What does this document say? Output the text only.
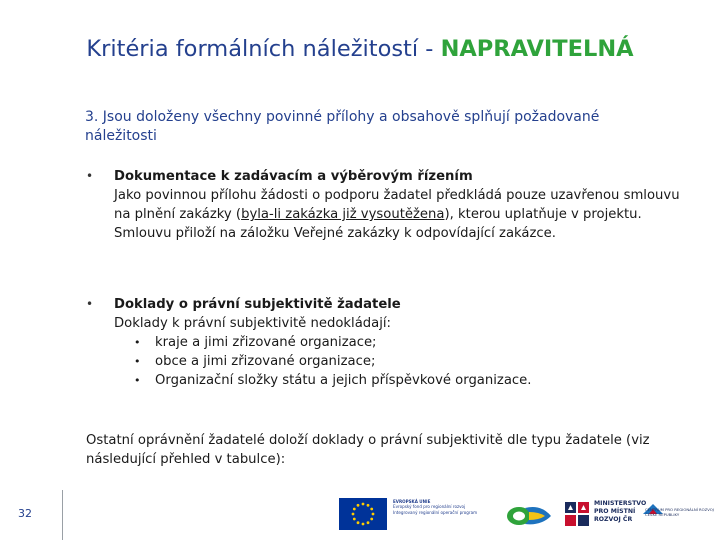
Kritéria formálních náležitostí - NAPRAVITELNÁ
3. Jsou doloženy všechny povinné přílohy a obsahově splňují požadované náležitosti
• Dokumentace k zadávacím a výběrovým řízením
Jako povinnou přílohu žádosti o podporu žadatel předkládá pouze uzavřenou smlouvu na plnění zakázky (byla-li zakázka již vysoutěžena), kterou uplatňuje v projektu. Smlouvu přiloží na záložku Veřejné zakázky k odpovídající zakázce.
• Doklady o právní subjektivitě žadatele
Doklady k právní subjektivitě nedokládají:
• kraje a jimi zřizované organizace;
• obce a jimi zřizované organizace;
• Organizační složky státu a jejich příspěvkové organizace.
Ostatní oprávnění žadatelé doloží doklady o právní subjektivitě dle typu žadatele (viz následující přehled v tabulce):
32
EVROPSKÁ UNIE
Evropský fond pro regionální rozvoj
Integrovaný regionální operační program
MINISTERSTVO
PRO MÍSTNÍ
ROZVOJ ČR
CENTRUM PRO REGIONÁLNÍ ROZVOJ
ČESKÉ REPUBLIKY
